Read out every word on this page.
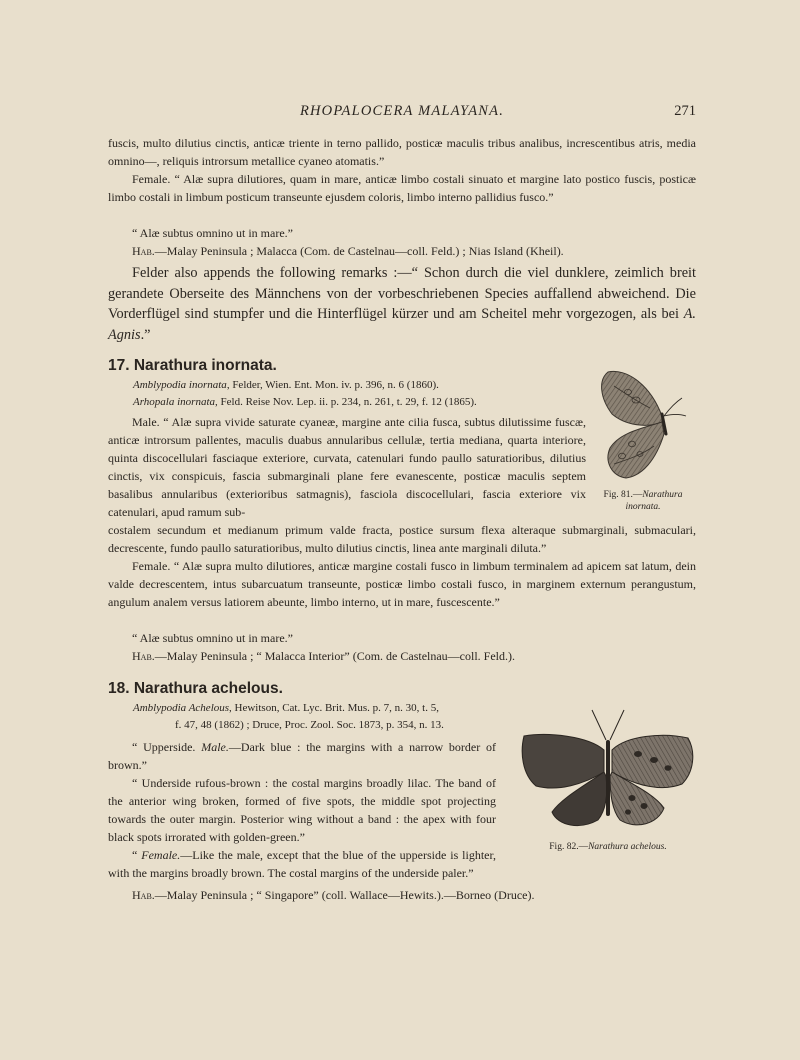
RHOPALOCERA MALAYANA.	271

fuscis, multo dilutius cinctis, anticæ triente in terno pallido, posticæ maculis tribus analibus, increscentibus atris, media omnino—, reliquis introrsum metallice cyaneo atomatis.”

Female. “ Alæ supra dilutiores, quam in mare, anticæ limbo costali sinuato et margine lato postico fuscis, posticæ limbo costali in limbum posticum transeunte ejusdem coloris, limbo interno pallidius fusco.”

“ Alæ subtus omnino ut in mare.”

Hab.—Malay Peninsula ; Malacca (Com. de Castelnau—coll. Feld.) ; Nias Island (Kheil).

Felder also appends the following remarks :—“ Schon durch die viel dunklere, zeimlich breit gerandete Oberseite des Männchens von der vorbeschriebenen Species auffallend abweichend. Die Vorderflügel sind stumpfer und die Hinterflügel kürzer und am Scheitel mehr vorgezogen, als bei A. Agnis.”

17. Narathura inornata.

Amblypodia inornata, Felder, Wien. Ent. Mon. iv. p. 396, n. 6 (1860).

Arhopala inornata, Feld. Reise Nov. Lep. ii. p. 234, n. 261, t. 29, f. 12 (1865).

Male. “ Alæ supra vivide saturate cyaneæ, margine ante cilia fusca, subtus dilutissime fuscæ, anticæ introrsum pallentes, maculis duabus annularibus cellulæ, tertia mediana, quarta interiore, quinta discocellulari fasciaque exteriore, curvata, catenulari fundo paullo saturatioribus, dilutius cinctis, vix conspicuis, fascia submarginali plane fere evanescente, posticæ maculis septem basalibus annularibus (exterioribus satmagnis), fasciola discocellulari, fascia exteriore vix catenulari, apud ramum sub-

costalem secundum et medianum primum valde fracta, postice sursum flexa alteraque submarginali, submaculari, decrescente, fundo paullo saturatioribus, multo dilutius cinctis, linea ante marginali diluta.”

Fig. 81.—Narathura inornata.

Female. “ Alæ supra multo dilutiores, anticæ margine costali fusco in limbum terminalem ad apicem sat latum, dein valde decrescentem, intus subarcuatum transeunte, posticæ limbo costali fusco, in marginem externum perangustum, angulum analem versus latiorem abeunte, limbo interno, ut in mare, fuscescente.”

“ Alæ subtus omnino ut in mare.”

Hab.—Malay Peninsula ; “ Malacca Interior” (Com. de Castelnau—coll. Feld.).

18. Narathura achelous.

Amblypodia Achelous, Hewitson, Cat. Lyc. Brit. Mus. p. 7, n. 30, t. 5,

f. 47, 48 (1862) ; Druce, Proc. Zool. Soc. 1873, p. 354, n. 13.

“ Upperside. Male.—Dark blue : the margins with a narrow border of brown.”

“ Underside rufous-brown : the costal margins broadly lilac. The band of the anterior wing broken, formed of five spots, the middle spot projecting towards the outer margin. Posterior wing without a band : the apex with four black spots irrorated with golden-green.”

“ Female.—Like the male, except that the blue of the upperside is lighter, with the margins broadly brown. The costal margins of the underside paler.”

Hab.—Malay Peninsula ; “ Singapore” (coll. Wallace—Hewits.).—Borneo (Druce).

Fig. 82.—Narathura achelous.
